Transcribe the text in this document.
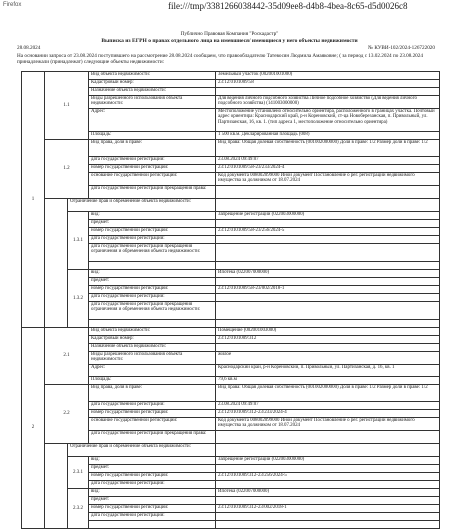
Firefox	file:///tmp/3381266038442-35d09ee8-d4b8-4bea-8c65-d5d0026c8
Публично Правовая Компания "Роскадастр"
Выписка из ЕГРН о правах отдельного лица на имевшиеся/ имеющиеся у него объекты недвижимости
28.08.2024	№ КУВИ-102/2024-126722020
На основании запроса от 23.08.2024 поступившего на рассмотрение 28.08.2024 сообщаем, что правообладателю Татевосян Людмила Амаяковне; ( за период с 13.02.2024 по 23.08.2024 принадлежали (принадлежат) следующие объекты недвижимости:
1	1.1		Вид объекта недвижимости:	Земельный участок (002001001000)
			Кадастровый номер:	23:12:0101009:58
			Назначение объекта недвижимости:	
			Виды разрешенного использования объекта недвижимости:	Для ведения личного подсобного хозяйства Личное подсобное хозяйство (Для ведения личного подсобного хозяйства) (141003000000)
			Адрес:	Местоположение установлено относительно ориентира, расположенного в границах участка. Почтовый адрес ориентира: Краснодарский край, р-н Кореновский, ст-ца Новоберезанская, п. Привольный, ул. Партизанская, 16, кв. 1. (тип адреса 1, местоположение относительно ориентира)
			Площадь:	1 500 кв.м. Декларированная площадь (008)
	1.2		Вид права, доля в праве:	Вид права: Общая долевая собственность (001002000000) Доля в праве: 1/2 Размер доли в праве: 1/2
			дата государственной регистрации:	23.08.2024 09:49:07
			номер государственной регистрации:	23:12:0101009:58-23/233/2024-4
			основание государственной регистрации:	Код документа 008002099000 Иной документ Постановление о рег. регистрации недвижимого имущества за должником от 18.07.2024
			дата государственной регистрации прекращения права:	
		Ограничение прав и обременение объекта недвижимости:		
		1.3.1	вид:	Запрещение регистрации (022003000000)
			предмет:	
			номер государственной регистрации:	23:12:0101009:58-23/256/2024-5
			дата государственной регистрации:	
			дата государственной регистрации прекращения ограничения и обременения объекта недвижимости:	

		1.3.2	вид:	Ипотека (022007000000)
			предмет:	
			номер государственной регистрации:	23:12:0101009:58-23/002/2018-1
			дата государственной регистрации:	
			дата государственной регистрации прекращения ограничения и обременения объекта недвижимости:	

2	2.1		Вид объекта недвижимости:	Помещение (002001003000)
			Кадастровый номер:	23:12:0101009:312
			Назначение объекта недвижимости:	
			Виды разрешенного использования объекта недвижимости:	жилое
			Адрес:	Краснодарский край, р-н Кореновский, п. Привольный, ул. Партизанская, д. 16, кв. 1
			Площадь:	79,6 кв.м
	2.2		Вид права, доля в праве:	Вид права: Общая долевая собственность (001002000000) Доля в праве: 1/2 Размер доли в праве: 1/2
			дата государственной регистрации:	23.08.2024 09:49:07
			номер государственной регистрации:	23:12:0101009:312-23/233/2024-4
			основание государственной регистрации:	Код документа 008002099000 Иной документ Постановление о рег. регистрации недвижимого имущества за должником от 18.07.2024
			дата государственной регистрации прекращения права:	
		Ограничение прав и обременение объекта недвижимости:		
		2.3.1	вид:	Запрещение регистрации (022003000000)
			предмет:	
			номер государственной регистрации:	23:12:0101009:312-23/256/2024-5
			дата государственной регистрации:	
		2.3.2	вид:	Ипотека (022007000000)
			предмет:	
			номер государственной регистрации:	23:12:0101009:312-23/002/2018-1
			дата государственной регистрации:	
